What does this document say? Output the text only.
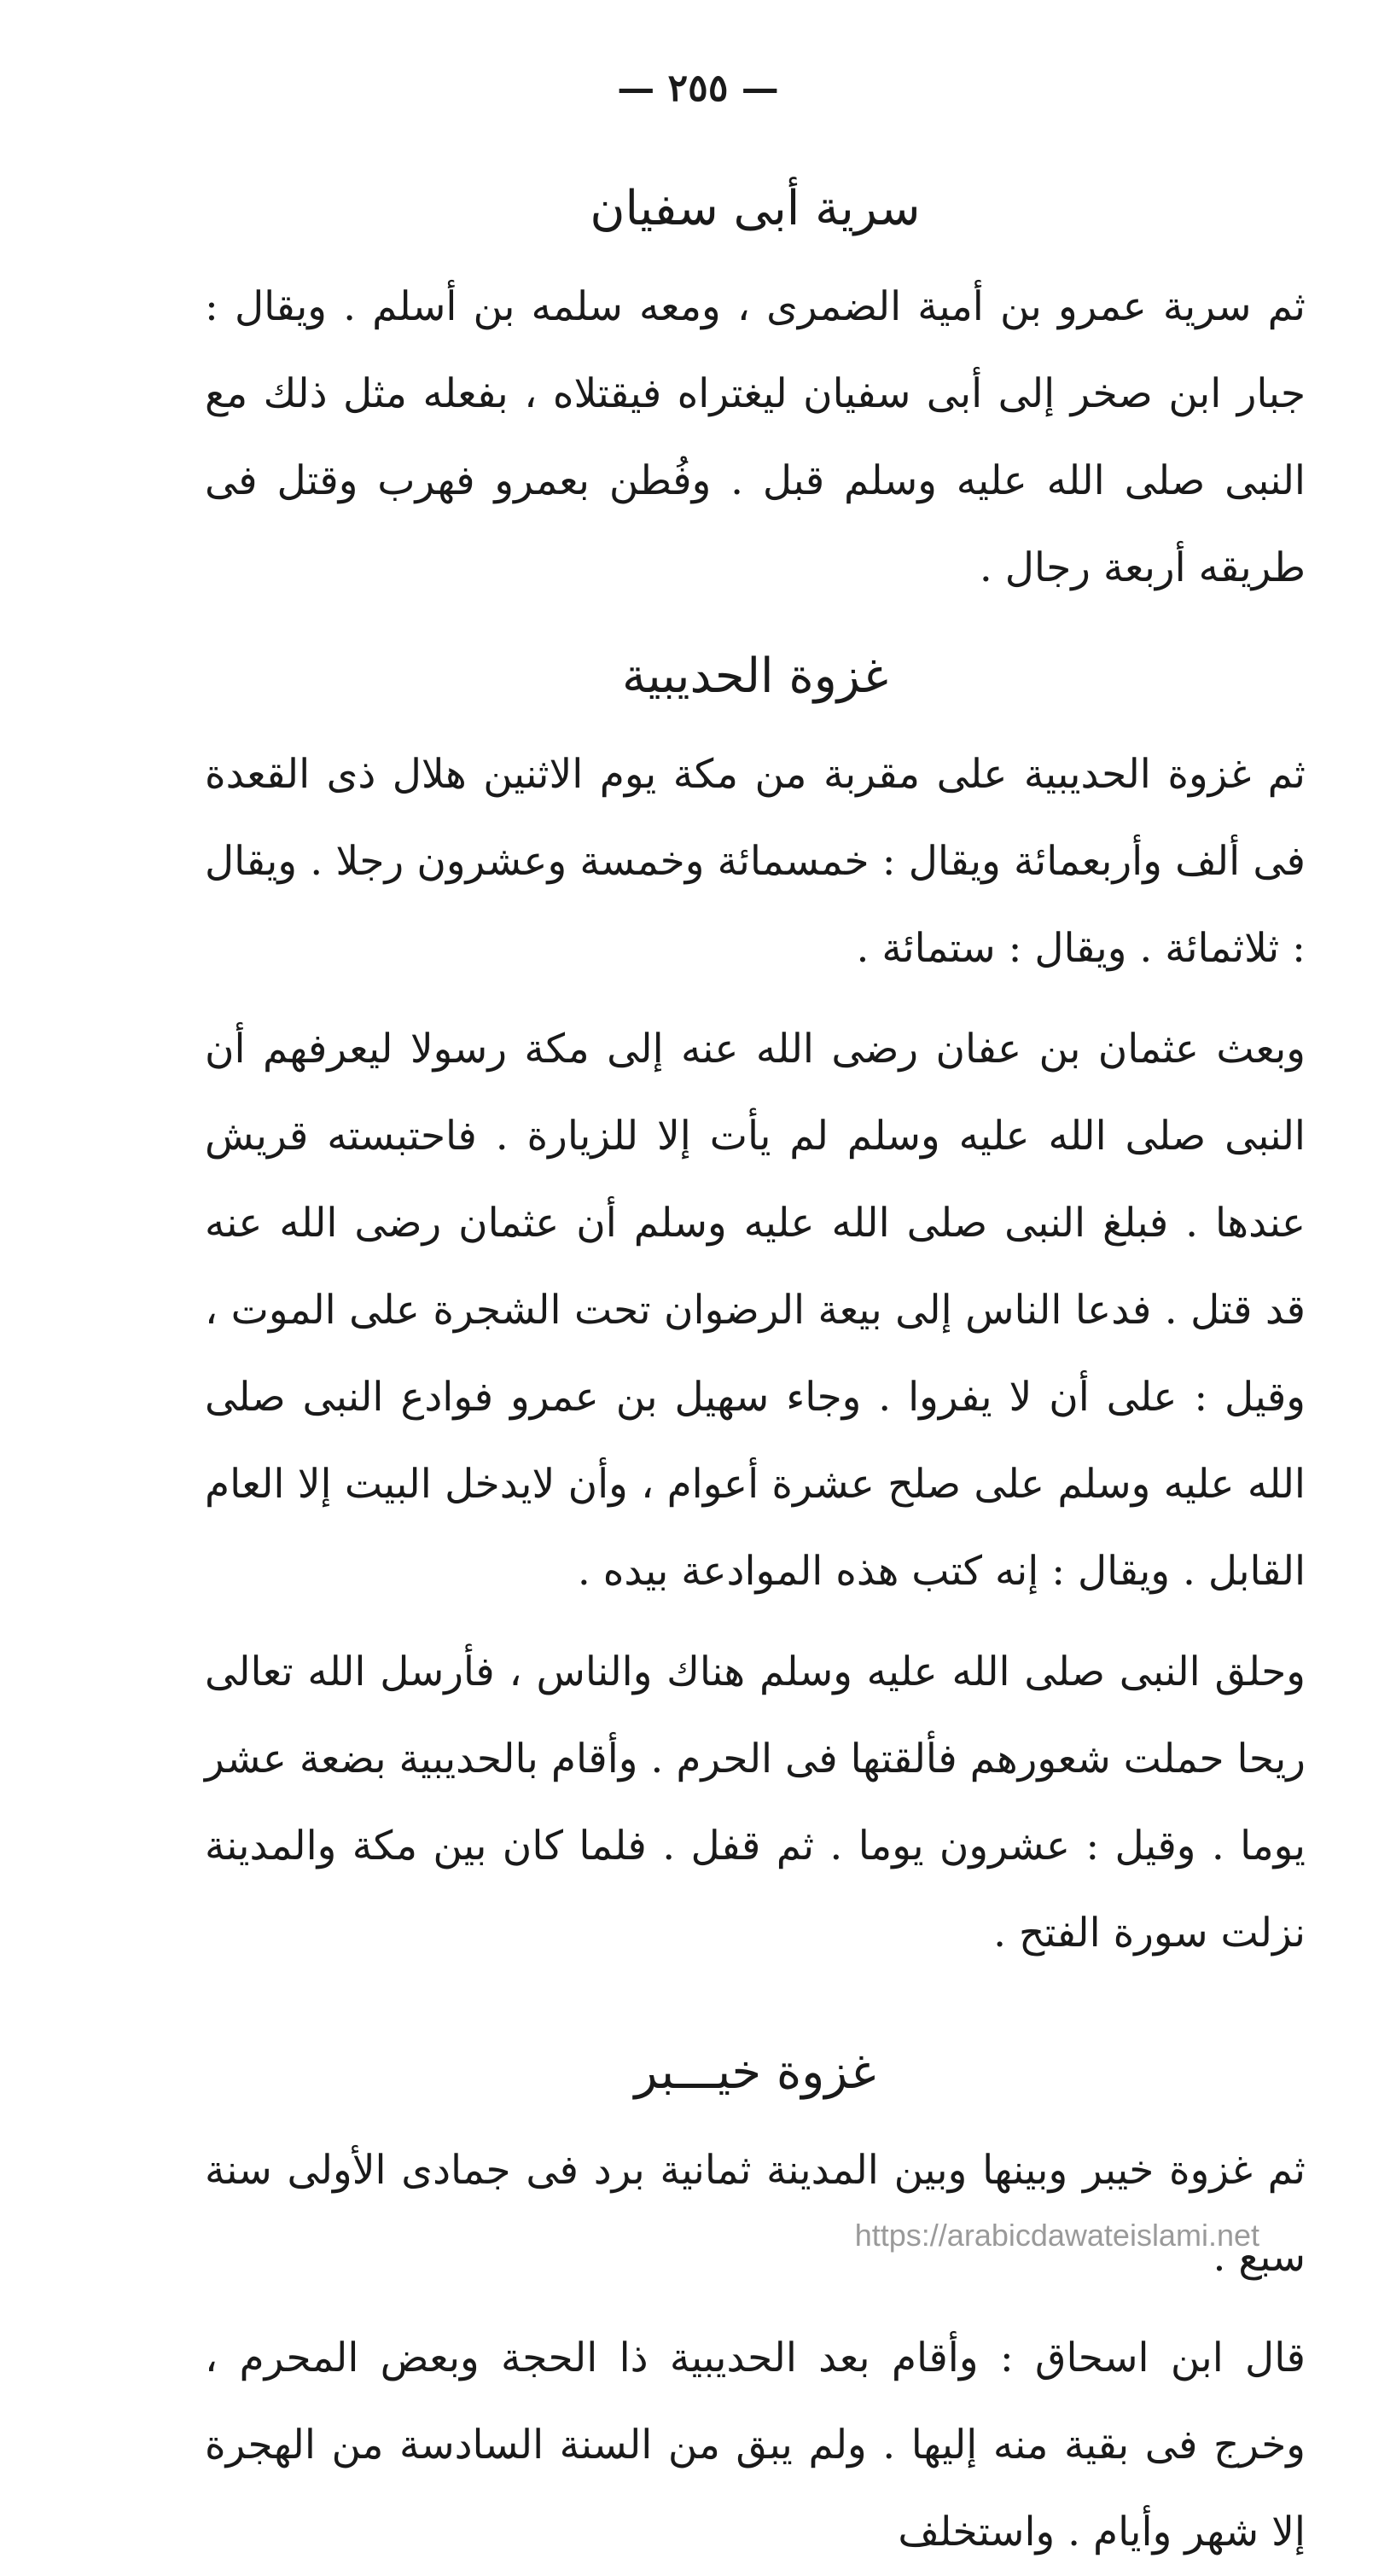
— ٢٥٥ —
سرية أبى سفيان

ثم سرية عمرو بن أمية الضمرى ، ومعه سلمه بن أسلم . ويقال : جبار ابن صخر إلى أبى سفيان ليغتراه فيقتلاه ، بفعله مثل ذلك مع النبى صلى الله عليه وسلم قبل . وفُطن بعمرو فهرب وقتل فى طريقه أربعة رجال .

غزوة الحديبية

ثم غزوة الحديبية على مقربة من مكة يوم الاثنين هلال ذى القعدة فى ألف وأربعمائة ويقال : خمسمائة وخمسة وعشرون رجلا . ويقال : ثلاثمائة . ويقال : ستمائة .

وبعث عثمان بن عفان رضى الله عنه إلى مكة رسولا ليعرفهم أن النبى صلى الله عليه وسلم لم يأت إلا للزيارة . فاحتبسته قريش عندها . فبلغ النبى صلى الله عليه وسلم أن عثمان رضى الله عنه قد قتل . فدعا الناس إلى بيعة الرضوان تحت الشجرة على الموت ، وقيل : على أن لا يفروا . وجاء سهيل بن عمرو فوادع النبى صلى الله عليه وسلم على صلح عشرة أعوام ، وأن لايدخل البيت إلا العام القابل . ويقال : إنه كتب هذه الموادعة بيده .

وحلق النبى صلى الله عليه وسلم هناك والناس ، فأرسل الله تعالى ريحا حملت شعورهم فألقتها فى الحرم . وأقام بالحديبية بضعة عشر يوما . وقيل : عشرون يوما . ثم قفل . فلما كان بين مكة والمدينة نزلت سورة الفتح .

غزوة خيـــبر

ثم غزوة خيبر وبينها وبين المدينة ثمانية برد فى جمادى الأولى سنة سبع .

قال ابن اسحاق : وأقام بعد الحديبية ذا الحجة وبعض المحرم ، وخرج فى بقية منه إليها . ولم يبق من السنة السادسة من الهجرة إلا شهر وأيام . واستخلف

https://arabicdawateislami.net
